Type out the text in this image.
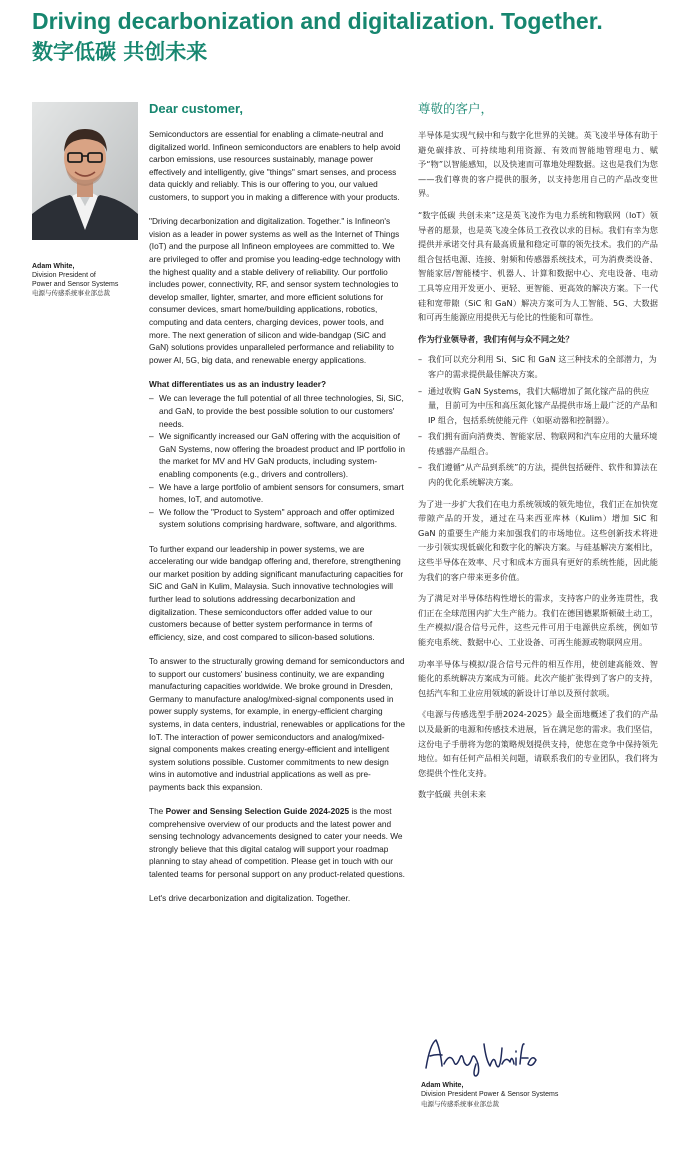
Driving decarbonization and digitalization. Together.
数字低碳 共创未来
Adam White,
Division President of
Power and Sensor Systems
电源与传感系统事业部总裁
Dear customer,

Semiconductors are essential for enabling a climate-neutral and digitalized world. Infineon semiconductors are enablers to help avoid carbon emissions, use resources sustainably, manage power effectively and intelligently, give "things" smart senses, and process data quickly and reliably. This is our offering to you, our valued customers, to support you in making a difference with your products.

"Driving decarbonization and digitalization. Together." is Infineon's vision as a leader in power systems as well as the Internet of Things (IoT) and the purpose all Infineon employees are committed to. We are privileged to offer and promise you leading-edge technology with the highest quality and a stable delivery of reliability. Our portfolio includes power, connectivity, RF, and sensor system technologies to develop smaller, lighter, smarter, and more efficient solutions for consumer devices, smart home/building applications, robotics, computing and data centers, charging devices, power tools, and more. The next generation of silicon and wide-bandgap (SiC and GaN) solutions provides unparalleled performance and reliability to power AI, 5G, big data, and renewable energy applications.

What differentiates us as an industry leader?
– We can leverage the full potential of all three technologies, Si, SiC, and GaN, to provide the best possible solution to our customers' needs.
– We significantly increased our GaN offering with the acquisition of GaN Systems, now offering the broadest product and IP portfolio in the market for MV and HV GaN products, including system-enabling components (e.g., drivers and controllers).
– We have a large portfolio of ambient sensors for consumers, smart homes, IoT, and automotive.
– We follow the "Product to System" approach and offer optimized system solutions comprising hardware, software, and algorithms.

To further expand our leadership in power systems, we are accelerating our wide bandgap offering and, therefore, strengthening our market position by adding significant manufacturing capacities for SiC and GaN in Kulim, Malaysia. Such innovative technologies will further lead to solutions addressing decarbonization and digitalization. These semiconductors offer added value to our customers because of better system performance in terms of efficiency, size, and cost compared to silicon-based solutions.

To answer to the structurally growing demand for semiconductors and to support our customers' business continuity, we are expanding manufacturing capacities worldwide. We broke ground in Dresden, Germany to manufacture analog/mixed-signal components used in power supply systems, for example, in energy-efficient charging systems, in data centers, industrial, renewables or applications for the IoT. The interaction of power semiconductors and analog/mixed-signal components makes creating energy-efficient and intelligent system solutions possible. Customer commitments to new design wins in automotive and industrial applications as well as pre-payments back this expansion.

The Power and Sensing Selection Guide 2024-2025 is the most comprehensive overview of our products and the latest power and sensing technology advancements designed to cater your needs. We strongly believe that this digital catalog will support your roadmap planning to stay ahead of competition. Please get in touch with our talented teams for personal support on any product-related questions.

Let's drive decarbonization and digitalization. Together.

尊敬的客户，

半导体是实现气候中和与数字化世界的关键。英飞凌半导体有助于避免碳排放、可持续地利用资源、有效而智能地管理电力、赋予“物”以智能感知，以及快速而可靠地处理数据。这也是我们为您——我们尊贵的客户提供的服务，以支持您用自己的产品改变世界。

“数字低碳 共创未来”这是英飞凌作为电力系统和物联网（IoT）领导者的愿景，也是英飞凌全体员工孜孜以求的目标。我们有幸为您提供并承诺交付具有最高质量和稳定可靠的领先技术。我们的产品组合包括电源、连接、射频和传感器系统技术，可为消费类设备、智能家居/智能楼宇、机器人、计算和数据中心、充电设备、电动工具等应用开发更小、更轻、更智能、更高效的解决方案。下一代硅和宽带隙（SiC 和 GaN）解决方案可为人工智能、5G、大数据和可再生能源应用提供无与伦比的性能和可靠性。

作为行业领导者，我们有何与众不同之处？
– 我们可以充分利用 Si、SiC 和 GaN 这三种技术的全部潜力，为客户的需求提供最佳解决方案。
– 通过收购 GaN Systems，我们大幅增加了氮化镓产品的供应量，目前可为中压和高压氮化镓产品提供市场上最广泛的产品和 IP 组合，包括系统使能元件（如驱动器和控制器）。
– 我们拥有面向消费类、智能家居、物联网和汽车应用的大量环境传感器产品组合。
– 我们遵循“从产品到系统”的方法，提供包括硬件、软件和算法在内的优化系统解决方案。

为了进一步扩大我们在电力系统领域的领先地位，我们正在加快宽带隙产品的开发，通过在马来西亚库林（Kulim）增加 SiC 和 GaN 的重要生产能力来加强我们的市场地位。这些创新技术将进一步引领实现低碳化和数字化的解决方案。与硅基解决方案相比，这些半导体在效率、尺寸和成本方面具有更好的系统性能，因此能为我们的客户带来更多价值。

为了满足对半导体结构性增长的需求，支持客户的业务连贯性，我们正在全球范围内扩大生产能力。我们在德国德累斯顿破土动工，生产模拟/混合信号元件，这些元件可用于电源供应系统，例如节能充电系统、数据中心、工业设备、可再生能源或物联网应用。

功率半导体与模拟/混合信号元件的相互作用，使创建高能效、智能化的系统解决方案成为可能。此次产能扩张得到了客户的支持，包括汽车和工业应用领域的新设计订单以及预付款项。

《电源与传感选型手册2024-2025》最全面地概述了我们的产品以及最新的电源和传感技术进展，旨在满足您的需求。我们坚信，这份电子手册将为您的策略规划提供支持，使您在竞争中保持领先地位。如有任何产品相关问题，请联系我们的专业团队，我们将为您提供个性化支持。

数字低碳 共创未来

Adam White,
Division President Power & Sensor Systems
电源与传感系统事业部总裁
